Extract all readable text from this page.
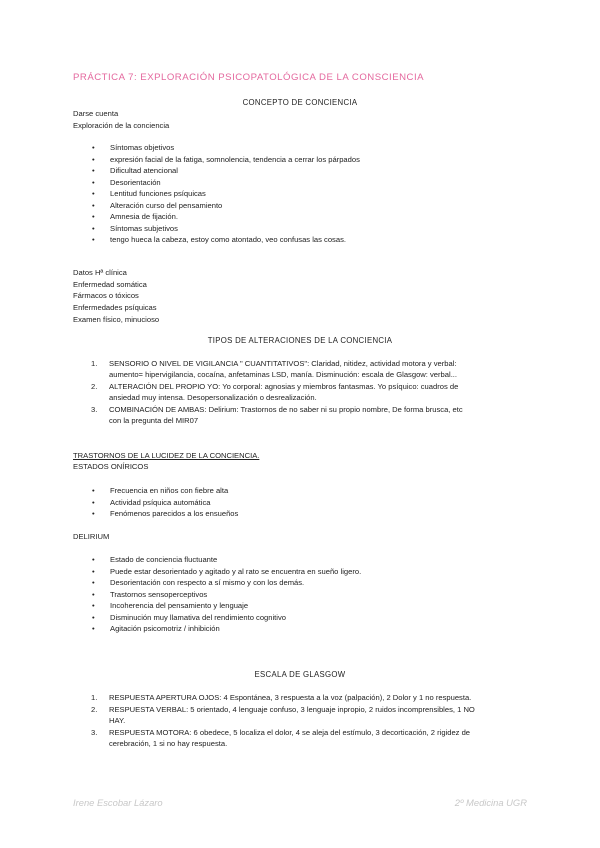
PRÁCTICA 7: EXPLORACIÓN PSICOPATOLÓGICA DE LA CONSCIENCIA
CONCEPTO DE CONCIENCIA
Darse cuenta
Exploración de la conciencia
• Síntomas objetivos
• expresión facial de la fatiga, somnolencia, tendencia a cerrar los párpados
• Dificultad atencional
• Desorientación
• Lentitud funciones psíquicas
• Alteración curso del pensamiento
• Amnesia de fijación.
• Síntomas subjetivos
• tengo hueca la cabeza, estoy como atontado, veo confusas las cosas.
Datos Hª clínica
Enfermedad somática
Fármacos o tóxicos
Enfermedades psíquicas
Examen físico, minucioso
TIPOS DE ALTERACIONES DE LA CONCIENCIA
1. SENSORIO O NIVEL DE VIGILANCIA " CUANTITATIVOS": Claridad, nitidez, actividad motora y verbal:
aumento= hipervigilancia, cocaína, anfetaminas LSD, manía. Disminución: escala de Glasgow: verbal...
2. ALTERACIÓN DEL PROPIO YO: Yo corporal: agnosias y miembros fantasmas. Yo psíquico: cuadros de
ansiedad muy intensa. Desopersonalización o desrealización.
3. COMBINACIÓN DE AMBAS: Delirium: Trastornos de no saber ni su propio nombre, De forma brusca, etc
con la pregunta del MIR07
TRASTORNOS DE LA LUCIDEZ DE LA CONCIENCIA.
ESTADOS ONÍRICOS
• Frecuencia en niños con fiebre alta
• Actividad psíquica automática
• Fenómenos parecidos a los ensueños
DELIRIUM
• Estado de conciencia fluctuante
• Puede estar desorientado y agitado y al rato se encuentra en sueño ligero.
• Desorientación con respecto a sí mismo y con los demás.
• Trastornos sensoperceptivos
• Incoherencia del pensamiento y lenguaje
• Disminución muy llamativa del rendimiento cognitivo
• Agitación psicomotriz / inhibición
ESCALA DE GLASGOW
1. RESPUESTA APERTURA OJOS: 4 Espontánea, 3 respuesta a la voz (palpación), 2 Dolor y 1 no respuesta.
2. RESPUESTA VERBAL: 5 orientado, 4 lenguaje confuso, 3 lenguaje inpropio, 2 ruidos incomprensibles, 1 NO
HAY.
3. RESPUESTA MOTORA: 6 obedece, 5 localiza el dolor, 4 se aleja del estímulo, 3 decorticación, 2 rigidez de
cerebración, 1 si no hay respuesta.
Irene Escobar Lázaro	2º Medicina UGR
